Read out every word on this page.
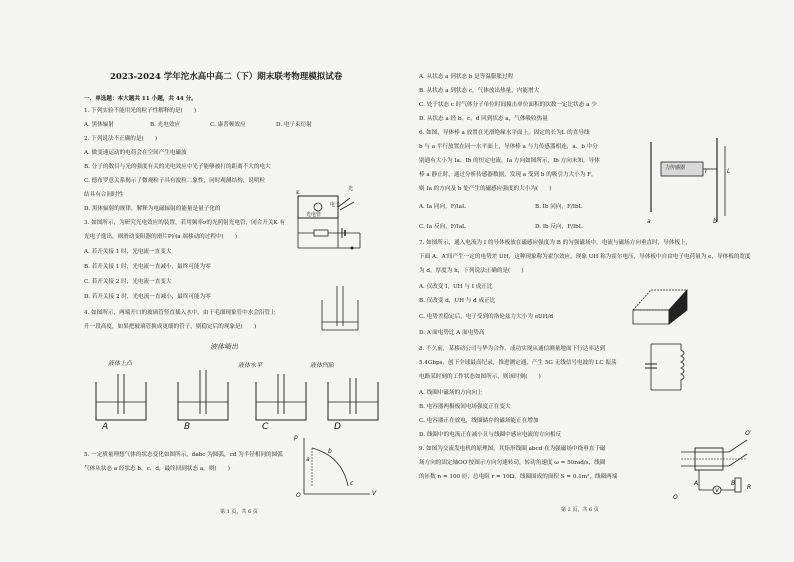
2023-2024 学年沱水高中高二（下）期末联考物理模拟试卷
一、单选题：本大题共 11 小题，共 44 分。
1. 下列实验不能用光的粒子性解释的是(　　)
A. 黑体辐射	B. 光电效应	C. 康普顿效应	D. 电子束衍射
2. 下列说法不正确的是(　　)
A. 做变速运动的电荷会在空间产生电磁波
B. 分子的数目与光的强度有关的光电效应中光子能够被打的距离不大的电大
C. 德布罗意关系揭示了微观粒子具有波粒二象性，同时观测结构，说明粒
结具有合间时性
D. 黑体辐射的规律，解释为电磁辐射的能量是量子化的
3. 如图所示，为研究光电效应的装置，若用频率ν的光照射光电管，闭合开关K 有
光电子逸出，则滑动变阻器的滑片P向a 端移动的过程中(　　)
A. 若开关接 1 时，光电流一直变大
B. 若开关接 1 时，光电流一直减小，最终可能为零
C. 若开关接 2 时，光电流一直变大
D. 若开关接 2 时，光电流一直减小，最终可能为零
K
光电管
电子
光
4. 如图所示，两端开口的玻璃管竖直插入水中，由于毛细现象管中水会沿管上
升一段高度，如果把玻璃管换成更细的管子，则稳定后的现象是(　　)
液体喷出
液体上凸	液体水平	液体凹陷
A	B	C	D
5. 一定质量理想气体的状态变化如图所示，dabc 为圆弧，cd 为半径相同的圆弧
气体从状态 a 经状态 b、c、d，最终回到状态 a，则(　　)
p
V
O
a
b
c
第 1 页，共 6 页
A. 从状态 a 到状态 b 是等温膨胀过程
B. 从状态 a 到状态 c，气体放出热量，内能增大
C. 处于状态 c 时气体分子单位时间撞击单位面积的次数一定比状态 a 少
D. 从状态 a 经 b、c、d 回到状态 a，气体吸收热量
6. 如图，导体棒 a 放置在光滑绝缘水平面上，固定的长为L 的直导线
b 与 a 平行放置在同一水平面上，导体棒 a 与力传感器相连，a、b 中分
别通有大小为 Ia、Ib 的恒定电流，Ia 方向如图所示，Ib 方向未知，导体
棒 a 静止时，通过分析传感器数据，发现 a 受到 b 的吸引力大小为 F，
则 Ia 的方向及 b 处产生的磁感应强度的大小为(　　)
A. Ia 同向，F/IaL	B. Ib 同向，F/IbL
C. Ia 反向，F/IaL	D. Ib 反向，F/IbL
力传感器
a	b
L
I
7. 如图所示，通入电流为 I 的导体板放在磁感应强度为 B 的匀强磁场中，电流与磁场方向垂直时，导体板上，
下面 A、A′间产生一定的电势差 UH，这种现象称为霍尔效应，现象 UH 称为霍尔电压，导体板中自由电子电荷量为 e，导体板的宽度
为 d，厚度为 h，下列说法正确的是(　　)
A. 仅改变 I，UH 与 I 成正比
B. 仅改变 d，UH 与 d 成正比
C. 电势差稳定后，电子受到的洛伦兹力大小为 eUH/d
D. A′面电势比 A 面电势高
8. 不久前，某移动公司与华为合作，成功实现从通信测量地面下行达率达到
5.4Gbps，创下全球最高纪录，推进测定通，产生 5G 无线信号电波的 LC 振荡
电路某时刻的工作状态如图所示，则该时刻(　　)
A. 线圈中磁场的方向向上
B. 电容器两极板间电场强度正在变大
C. 电容器正在放电，线圈储存的磁场能正在增加
D. 线圈中的电流正在减小且与线圈中感应电流的方向相反
9. 如图为交流发电机的原理图，其矩形线圈 abcd 在为强磁场中绕垂直于磁
场方向的固定轴OO′按图示方向匀速转动，转动角速度 ω = 50rad/s，线圈
的匝数 n = 100 匝，总电阻 r = 10Ω，线圈围成的面积 S = 0.1m²，线圈两端
O′
O
A	B
V	R
第 2 页，共 6 页
